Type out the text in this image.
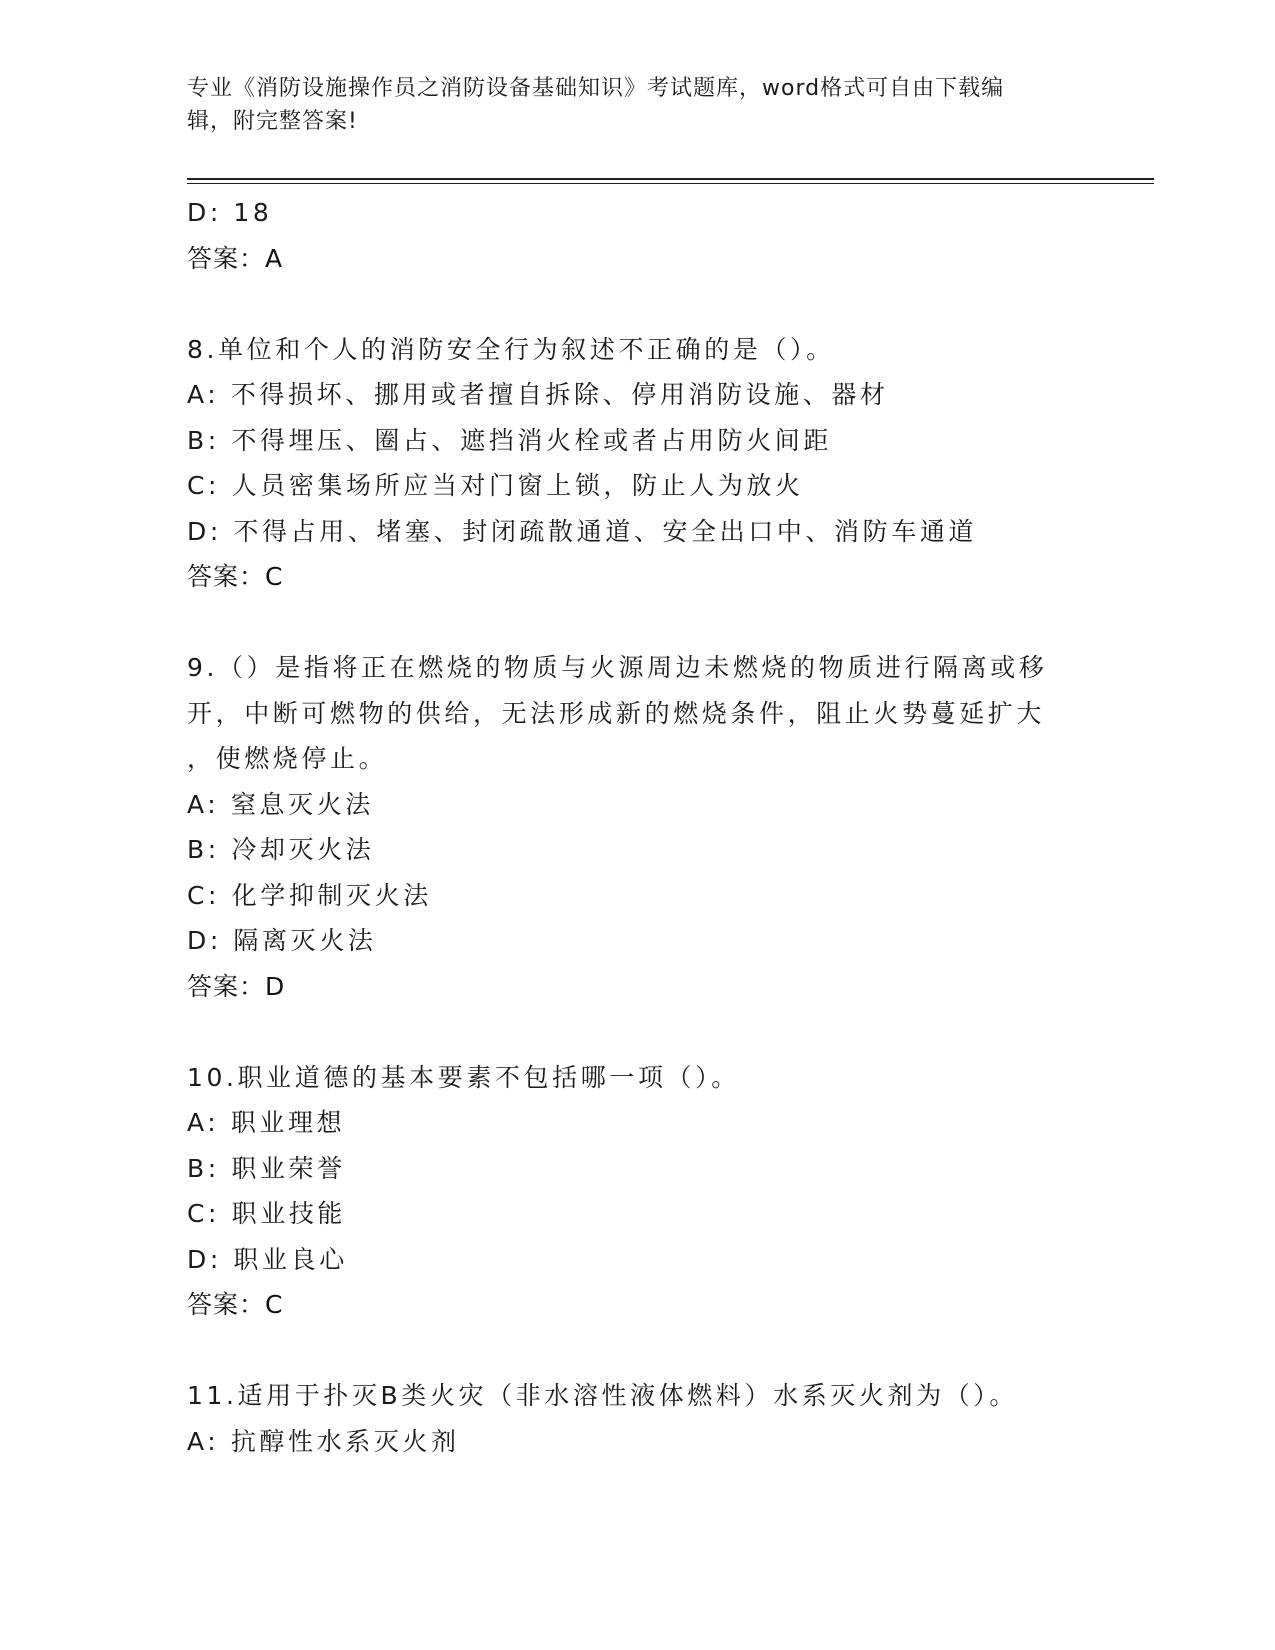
专业《消防设施操作员之消防设备基础知识》考试题库，word格式可自由下载编
辑，附完整答案!
D: 18
答案：A
8.单位和个人的消防安全行为叙述不正确的是（）。
A: 不得损坏、挪用或者擅自拆除、停用消防设施、器材
B: 不得埋压、圈占、遮挡消火栓或者占用防火间距
C: 人员密集场所应当对门窗上锁，防止人为放火
D: 不得占用、堵塞、封闭疏散通道、安全出口中、消防车通道
答案：C
9.（）是指将正在燃烧的物质与火源周边未燃烧的物质进行隔离或移
开，中断可燃物的供给，无法形成新的燃烧条件，阻止火势蔓延扩大
，使燃烧停止。
A: 窒息灭火法
B: 冷却灭火法
C: 化学抑制灭火法
D: 隔离灭火法
答案：D
10.职业道德的基本要素不包括哪一项（）。
A: 职业理想
B: 职业荣誉
C: 职业技能
D: 职业良心
答案：C
11.适用于扑灭B类火灾（非水溶性液体燃料）水系灭火剂为（）。
A: 抗醇性水系灭火剂
